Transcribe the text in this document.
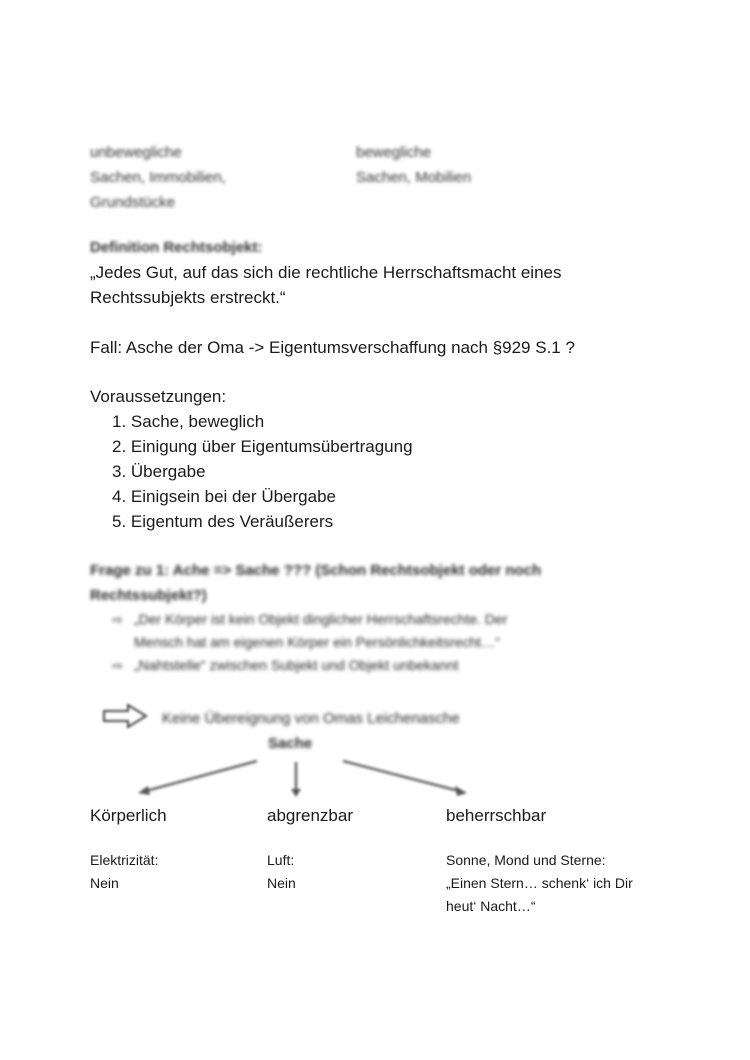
unbewegliche
Sachen, Immobilien,
Grundstücke
bewegliche
Sachen, Mobilien
Definition Rechtsobjekt:
„Jedes Gut, auf das sich die rechtliche Herrschaftsmacht eines
Rechtssubjekts erstreckt.“
Fall: Asche der Oma -> Eigentumsverschaffung nach §929 S.1 ?
Voraussetzungen:
1. Sache, beweglich
2. Einigung über Eigentumsübertragung
3. Übergabe
4. Einigsein bei der Übergabe
5. Eigentum des Veräußerers
Frage zu 1: Ache => Sache ??? (Schon Rechtsobjekt oder noch
Rechtssubjekt?)
⇨ „Der Körper ist kein Objekt dinglicher Herrschaftsrechte. Der
Mensch hat am eigenen Körper ein Persönlichkeitsrecht…“
⇨ „Nahtstelle“ zwischen Subjekt und Objekt unbekannt
Keine Übereignung von Omas Leichenasche
Sache
Körperlich	abgrenzbar	beherrschbar
Elektrizität:
Nein
Luft:
Nein
Sonne, Mond und Sterne:
„Einen Stern… schenk‘ ich Dir
heut‘ Nacht…“
